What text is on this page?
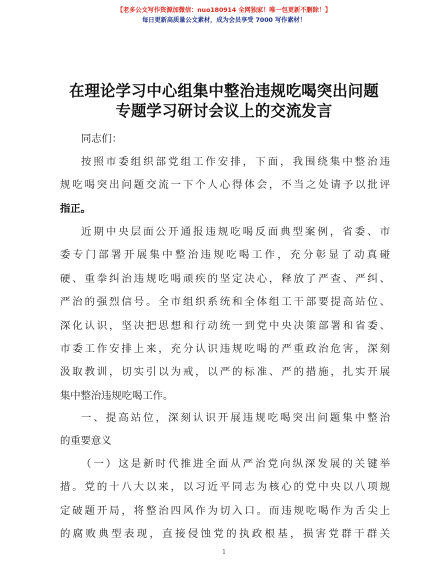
【老多公文写作资源加微信：nuo180914 全网独家！唯一包更新不删除！】
每日更新高质量公文素材，成为会员享受 7000 写作素材！
在理论学习中心组集中整治违规吃喝突出问题
专题学习研讨会议上的交流发言
同志们：
按照市委组织部党组工作安排，下面，我围绕集中整治违
规吃喝突出问题交流一下个人心得体会，不当之处请予以批评
指正。
近期中央层面公开通报违规吃喝反面典型案例，省委、市
委专门部署开展集中整治违规吃喝工作，充分彰显了动真碰
硬、重拳纠治违规吃喝顽疾的坚定决心，释放了严查、严纠、
严治的强烈信号。全市组织系统和全体组工干部要提高站位、
深化认识，坚决把思想和行动统一到党中央决策部署和省委、
市委工作安排上来，充分认识违规吃喝的严重政治危害，深刻
汲取教训，切实引以为戒，以严的标准、严的措施，扎实开展
集中整治违规吃喝工作。
一、提高站位，深刻认识开展违规吃喝突出问题集中整治
的重要意义
（一）这是新时代推进全面从严治党向纵深发展的关键举
措。党的十八大以来，以习近平同志为核心的党中央以八项规
定破题开局，将整治四风作为切入口。而违规吃喝作为舌尖上
的腐败典型表现，直接侵蚀党的执政根基，损害党群干群关
1
